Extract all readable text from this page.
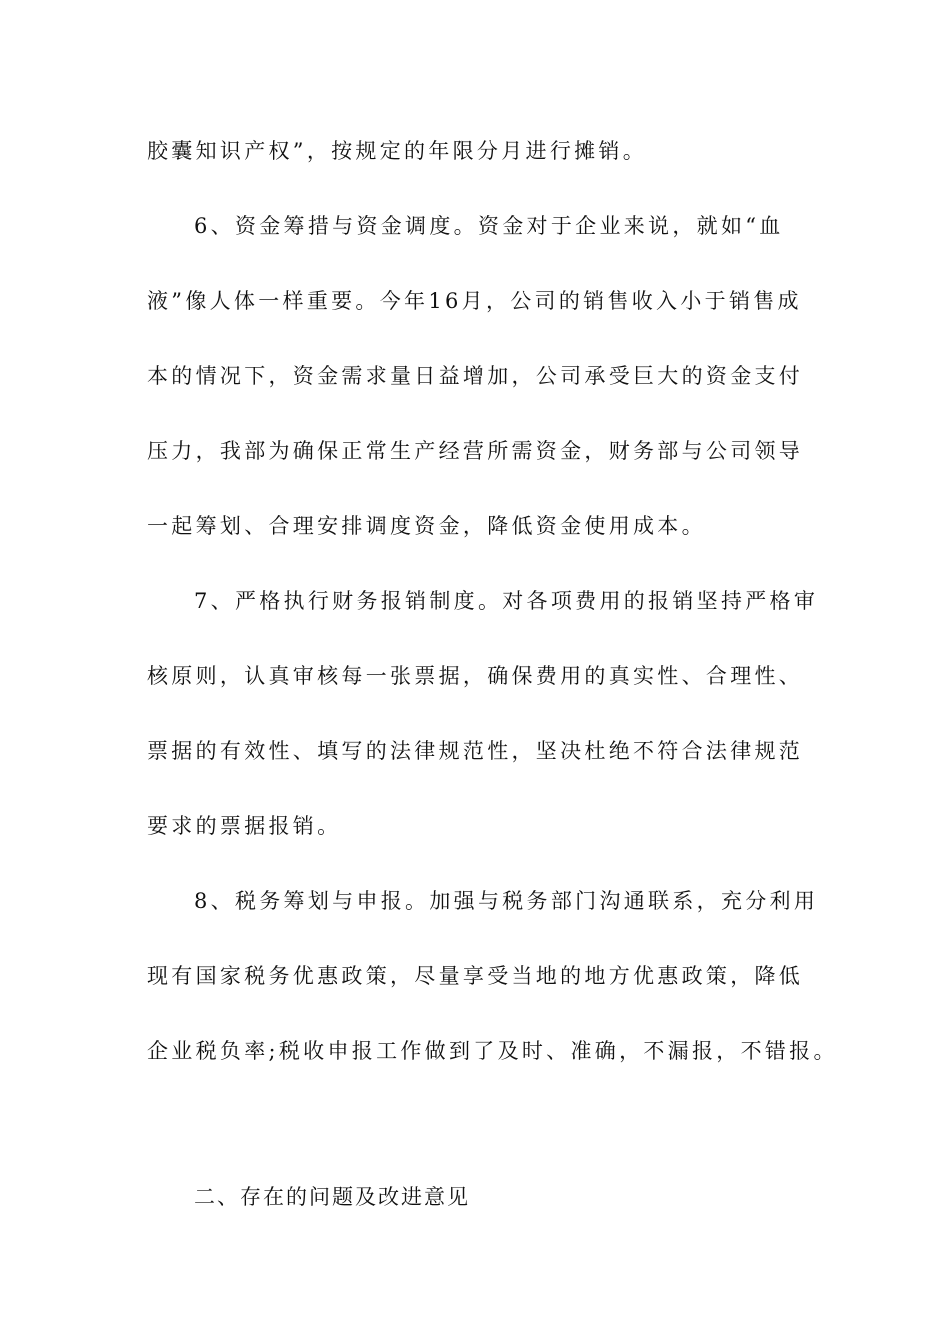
胶囊知识产权”，按规定的年限分月进行摊销。

6、资金筹措与资金调度。资金对于企业来说，就如“血

液”像人体一样重要。今年16月，公司的销售收入小于销售成

本的情况下，资金需求量日益增加，公司承受巨大的资金支付

压力，我部为确保正常生产经营所需资金，财务部与公司领导

一起筹划、合理安排调度资金，降低资金使用成本。

7、严格执行财务报销制度。对各项费用的报销坚持严格审

核原则，认真审核每一张票据，确保费用的真实性、合理性、

票据的有效性、填写的法律规范性，坚决杜绝不符合法律规范

要求的票据报销。

8、税务筹划与申报。加强与税务部门沟通联系，充分利用

现有国家税务优惠政策，尽量享受当地的地方优惠政策，降低

企业税负率;税收申报工作做到了及时、准确，不漏报，不错报。

二、存在的问题及改进意见
